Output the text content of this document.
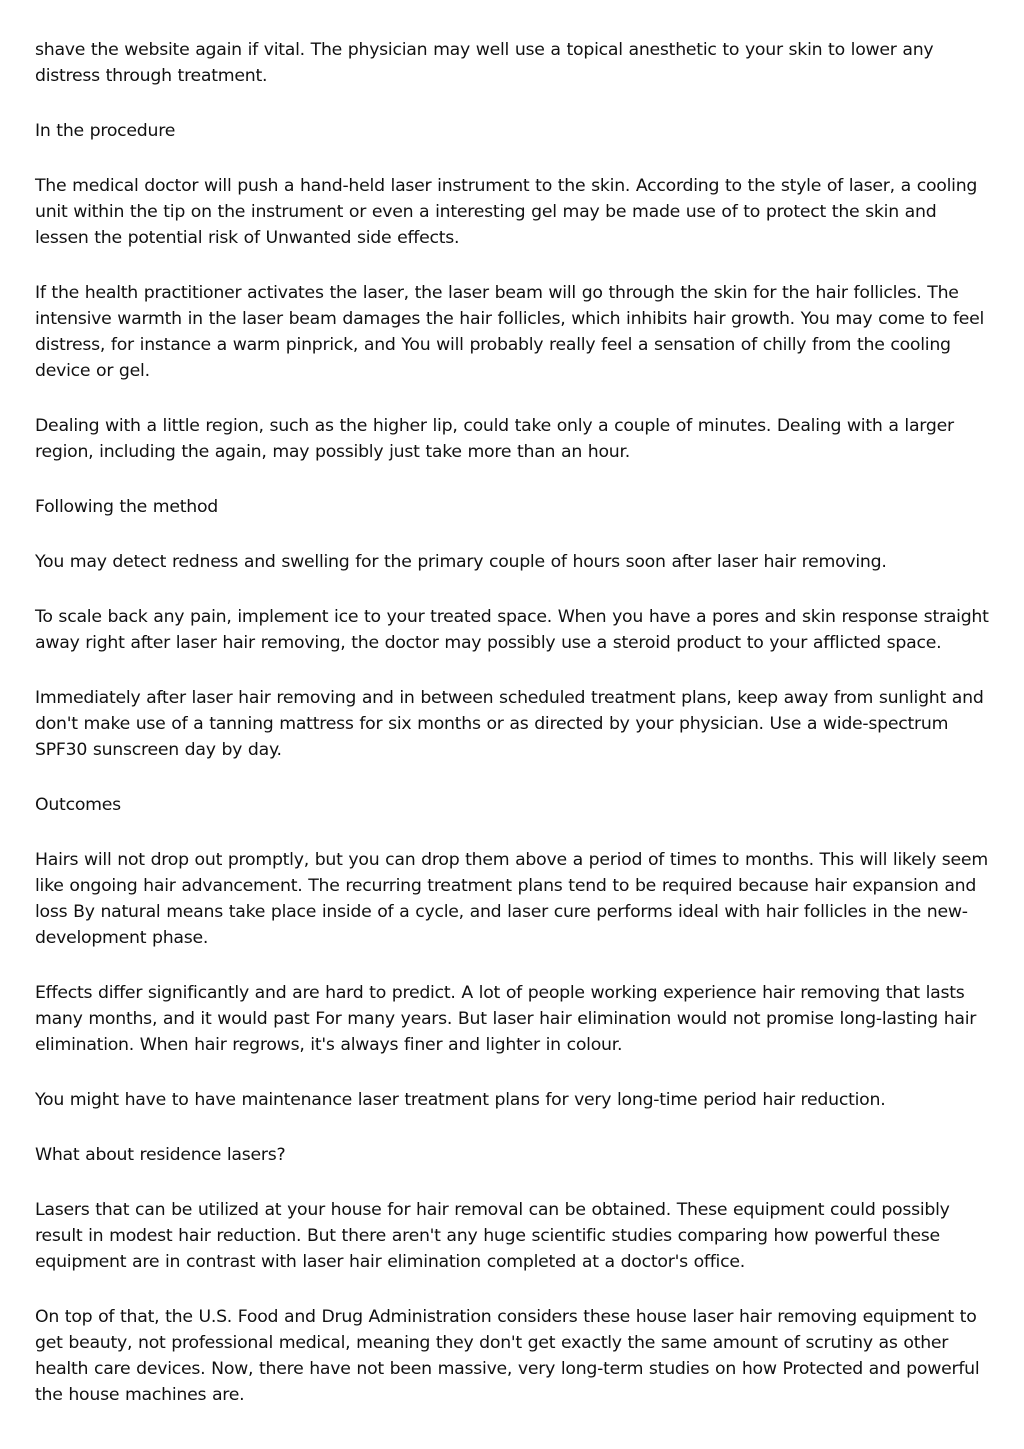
shave the website again if vital. The physician may well use a topical anesthetic to your skin to lower any distress through treatment.

In the procedure

The medical doctor will push a hand-held laser instrument to the skin. According to the style of laser, a cooling unit within the tip on the instrument or even a interesting gel may be made use of to protect the skin and lessen the potential risk of Unwanted side effects.

If the health practitioner activates the laser, the laser beam will go through the skin for the hair follicles. The intensive warmth in the laser beam damages the hair follicles, which inhibits hair growth. You may come to feel distress, for instance a warm pinprick, and You will probably really feel a sensation of chilly from the cooling device or gel.

Dealing with a little region, such as the higher lip, could take only a couple of minutes. Dealing with a larger region, including the again, may possibly just take more than an hour.

Following the method

You may detect redness and swelling for the primary couple of hours soon after laser hair removing.

To scale back any pain, implement ice to your treated space. When you have a pores and skin response straight away right after laser hair removing, the doctor may possibly use a steroid product to your afflicted space.

Immediately after laser hair removing and in between scheduled treatment plans, keep away from sunlight and don't make use of a tanning mattress for six months or as directed by your physician. Use a wide-spectrum SPF30 sunscreen day by day.

Outcomes

Hairs will not drop out promptly, but you can drop them above a period of times to months. This will likely seem like ongoing hair advancement. The recurring treatment plans tend to be required because hair expansion and loss By natural means take place inside of a cycle, and laser cure performs ideal with hair follicles in the new-development phase.

Effects differ significantly and are hard to predict. A lot of people working experience hair removing that lasts many months, and it would past For many years. But laser hair elimination would not promise long-lasting hair elimination. When hair regrows, it's always finer and lighter in colour.

You might have to have maintenance laser treatment plans for very long-time period hair reduction.

What about residence lasers?

Lasers that can be utilized at your house for hair removal can be obtained. These equipment could possibly result in modest hair reduction. But there aren't any huge scientific studies comparing how powerful these equipment are in contrast with laser hair elimination completed at a doctor's office.

On top of that, the U.S. Food and Drug Administration considers these house laser hair removing equipment to get beauty, not professional medical, meaning they don't get exactly the same amount of scrutiny as other health care devices. Now, there have not been massive, very long-term studies on how Protected and powerful the house machines are.
